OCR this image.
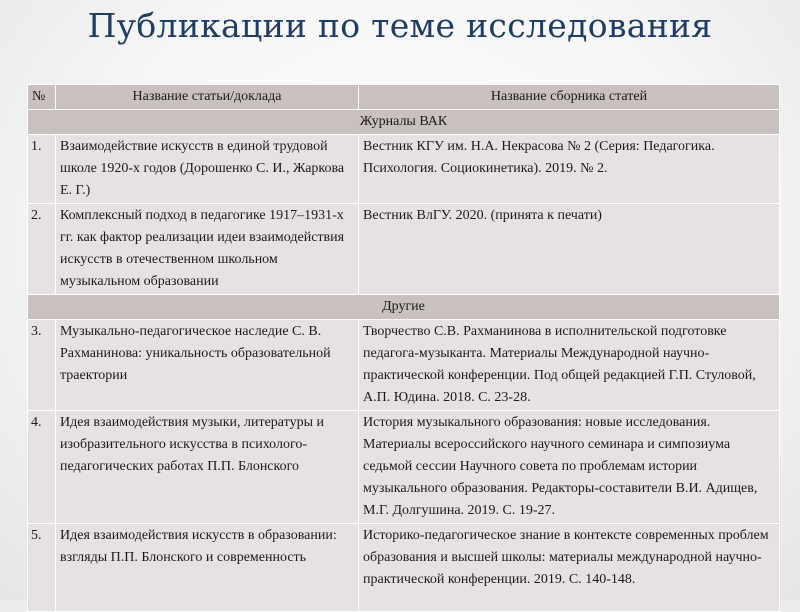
Публикации по теме исследования
№	Название статьи/доклада	Название сборника статей
Журналы ВАК		
1.	Взаимодействие искусств в единой трудовой школе 1920-х годов (Дорошенко С. И., Жаркова Е. Г.)	Вестник КГУ им. Н.А. Некрасова № 2 (Серия: Педагогика. Психология. Социокинетика). 2019. № 2.
2.	Комплексный подход в педагогике 1917–1931-х гг. как фактор реализации идеи взаимодействия искусств в отечественном школьном музыкальном образовании	Вестник ВлГУ. 2020. (принята к печати)
Другие		
3.	Музыкально-педагогическое наследие С. В. Рахманинова: уникальность образовательной траектории	Творчество С.В. Рахманинова в исполнительской подготовке педагога-музыканта. Материалы Международной научно-практической конференции. Под общей редакцией Г.П. Стуловой, А.П. Юдина. 2018. С. 23-28.
4.	Идея взаимодействия музыки, литературы и изобразительного искусства в психолого-педагогических работах П.П. Блонского	История музыкального образования: новые исследования. Материалы всероссийского научного семинара и симпозиума седьмой сессии Научного совета по проблемам истории музыкального образования. Редакторы-составители В.И. Адищев, М.Г. Долгушина. 2019. С. 19-27.
5.	Идея взаимодействия искусств в образовании: взгляды П.П. Блонского и современность	Историко-педагогическое знание в контексте современных проблем образования и высшей школы: материалы международной научно-практической конференции. 2019. С. 140-148.
